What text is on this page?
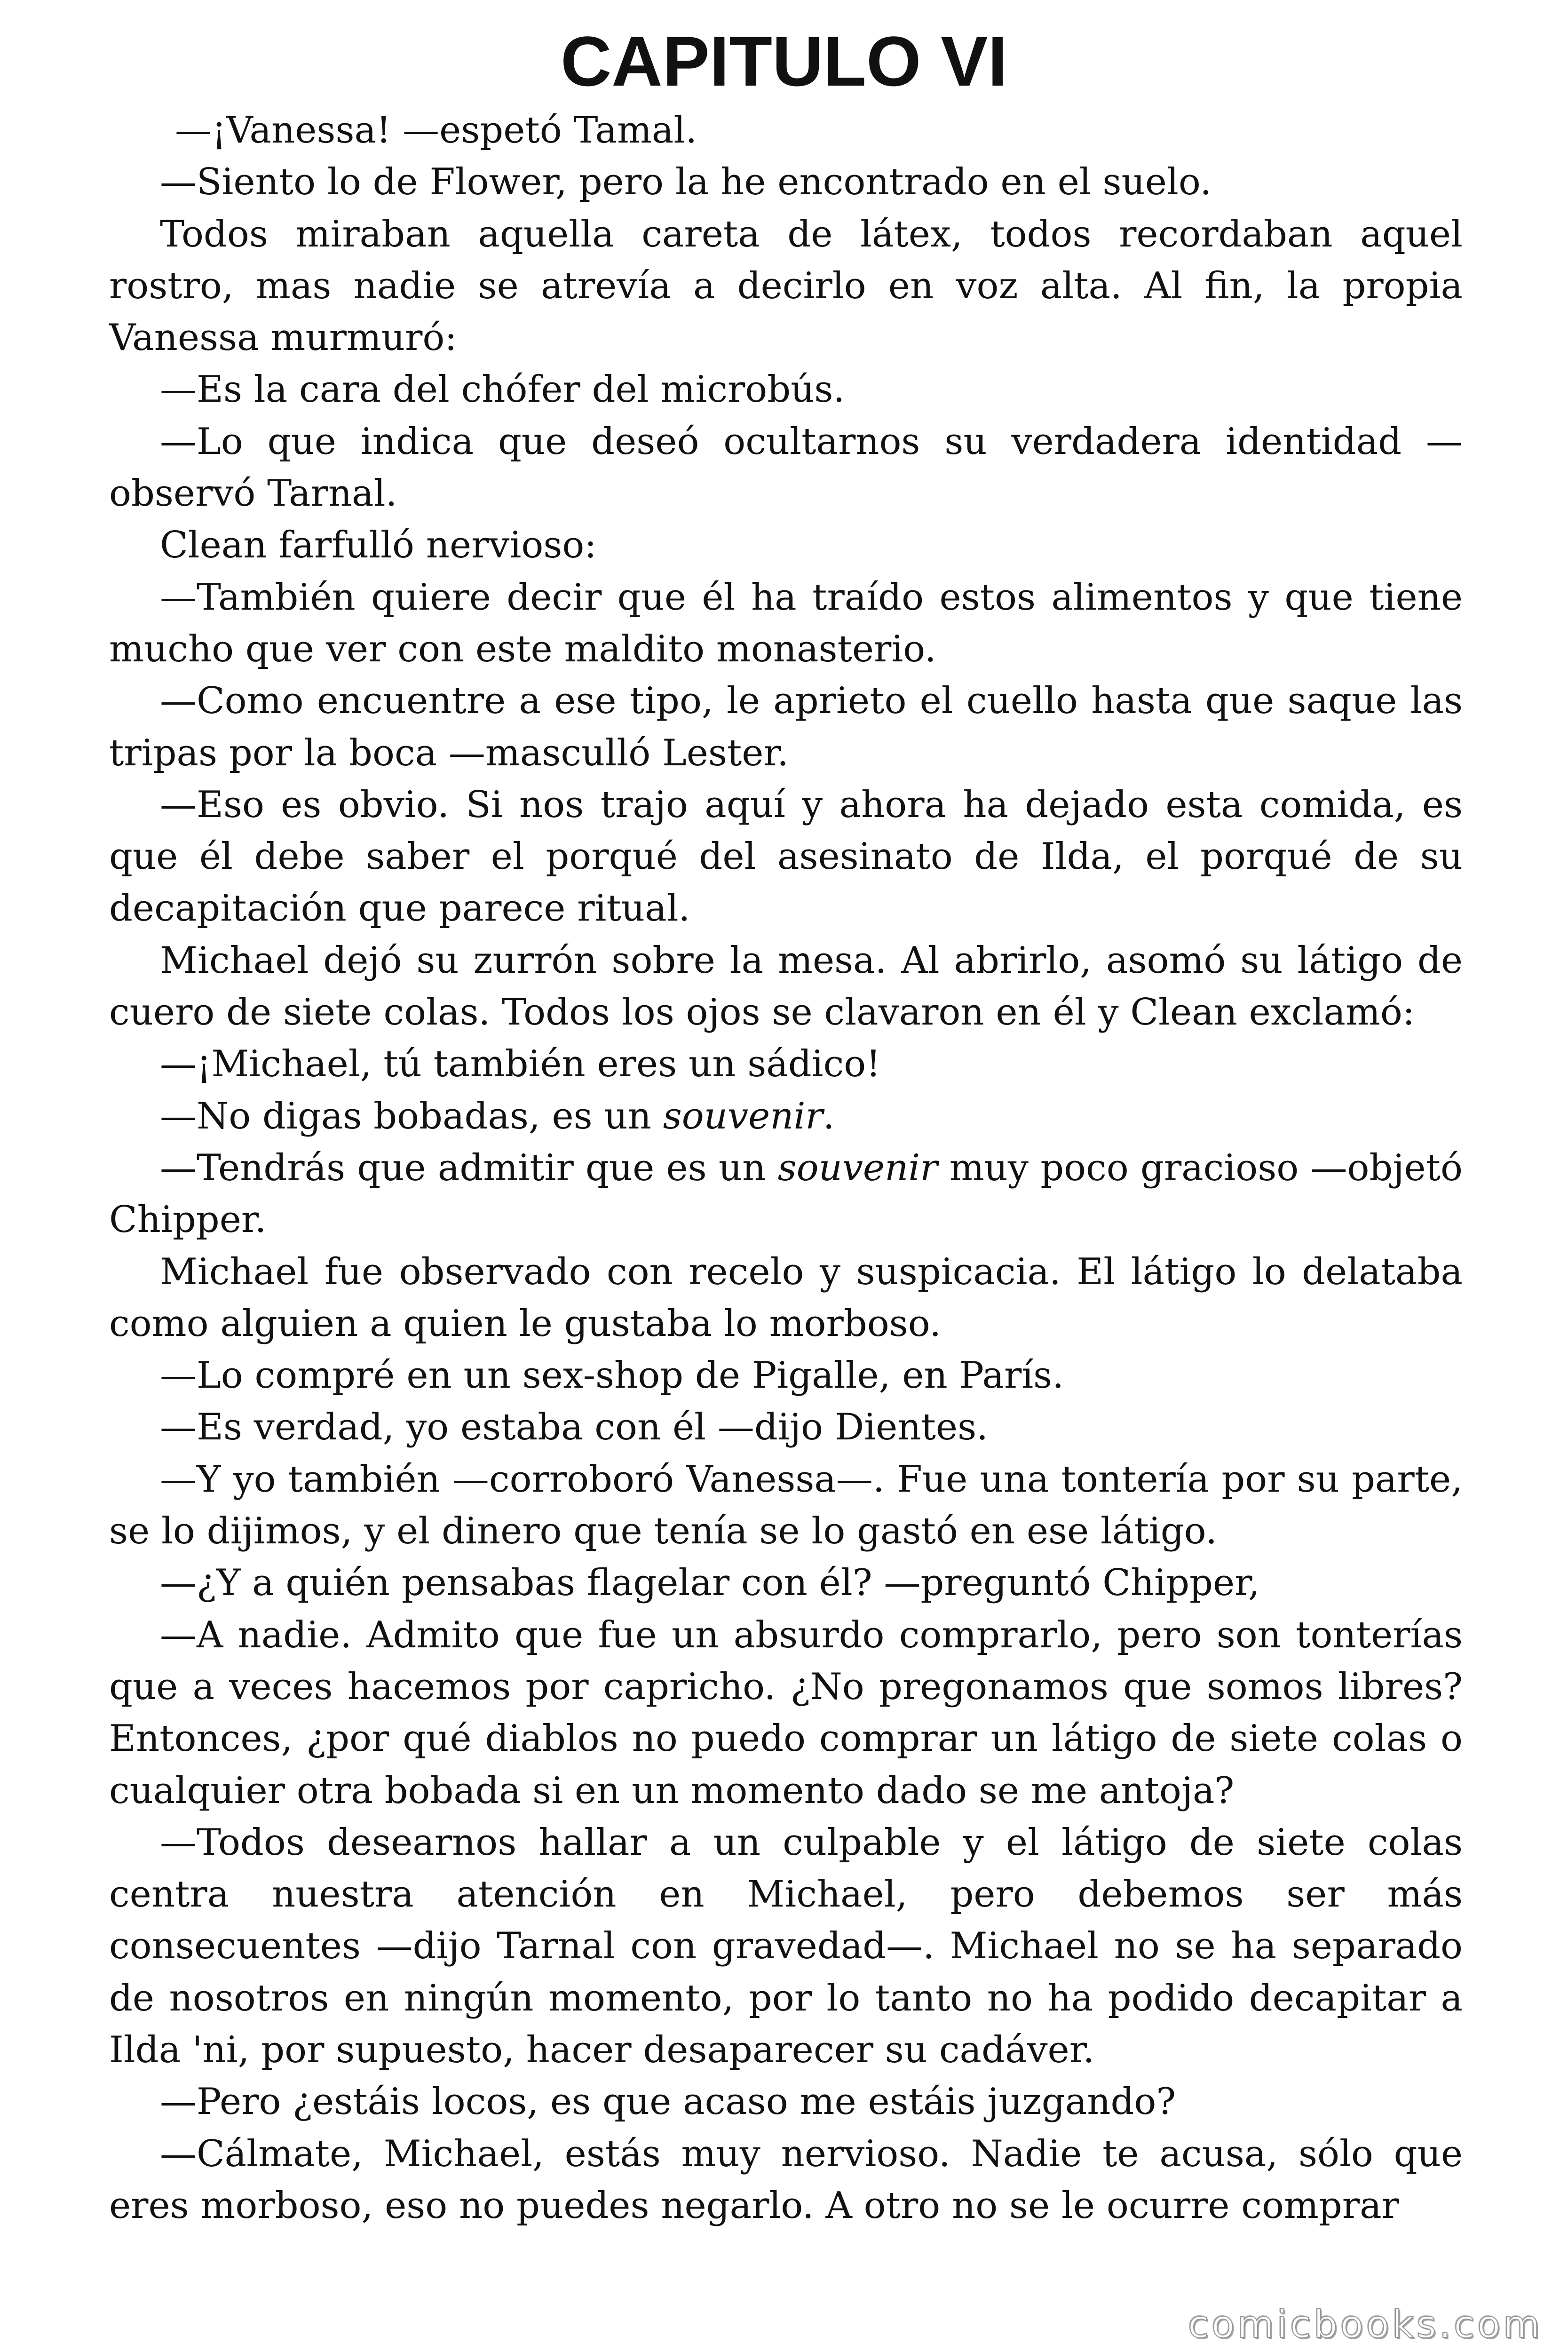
CAPITULO VI

—¡Vanessa! —espetó Tamal.

—Siento lo de Flower, pero la he encontrado en el suelo.

Todos miraban aquella careta de látex, todos recordaban aquel rostro, mas nadie se atrevía a decirlo en voz alta. Al fin, la propia Vanessa murmuró:

—Es la cara del chófer del microbús.

—Lo que indica que deseó ocultarnos su verdadera identidad —observó Tarnal.

Clean farfulló nervioso:

—También quiere decir que él ha traído estos alimentos y que tiene mucho que ver con este maldito monasterio.

—Como encuentre a ese tipo, le aprieto el cuello hasta que saque las tripas por la boca —masculló Lester.

—Eso es obvio. Si nos trajo aquí y ahora ha dejado esta comida, es que él debe saber el porqué del asesinato de Ilda, el porqué de su decapitación que parece ritual.

Michael dejó su zurrón sobre la mesa. Al abrirlo, asomó su látigo de cuero de siete colas. Todos los ojos se clavaron en él y Clean exclamó:

—¡Michael, tú también eres un sádico!

—No digas bobadas, es un souvenir.

—Tendrás que admitir que es un souvenir muy poco gracioso —objetó Chipper.

Michael fue observado con recelo y suspicacia. El látigo lo delataba como alguien a quien le gustaba lo morboso.

—Lo compré en un sex-shop de Pigalle, en París.

—Es verdad, yo estaba con él —dijo Dientes.

—Y yo también —corroboró Vanessa—. Fue una tontería por su parte, se lo dijimos, y el dinero que tenía se lo gastó en ese látigo.

—¿Y a quién pensabas flagelar con él? —preguntó Chipper,

—A nadie. Admito que fue un absurdo comprarlo, pero son tonterías que a veces hacemos por capricho. ¿No pregonamos que somos libres? Entonces, ¿por qué diablos no puedo comprar un látigo de siete colas o cualquier otra bobada si en un momento dado se me antoja?

—Todos desearnos hallar a un culpable y el látigo de siete colas centra nuestra atención en Michael, pero debemos ser más consecuentes —dijo Tarnal con gravedad—. Michael no se ha separado de nosotros en ningún momento, por lo tanto no ha podido decapitar a Ilda 'ni, por supuesto, hacer desaparecer su cadáver.

—Pero ¿estáis locos, es que acaso me estáis juzgando?

—Cálmate, Michael, estás muy nervioso. Nadie te acusa, sólo que eres morboso, eso no puedes negarlo. A otro no se le ocurre comprar

comicbooks.com
